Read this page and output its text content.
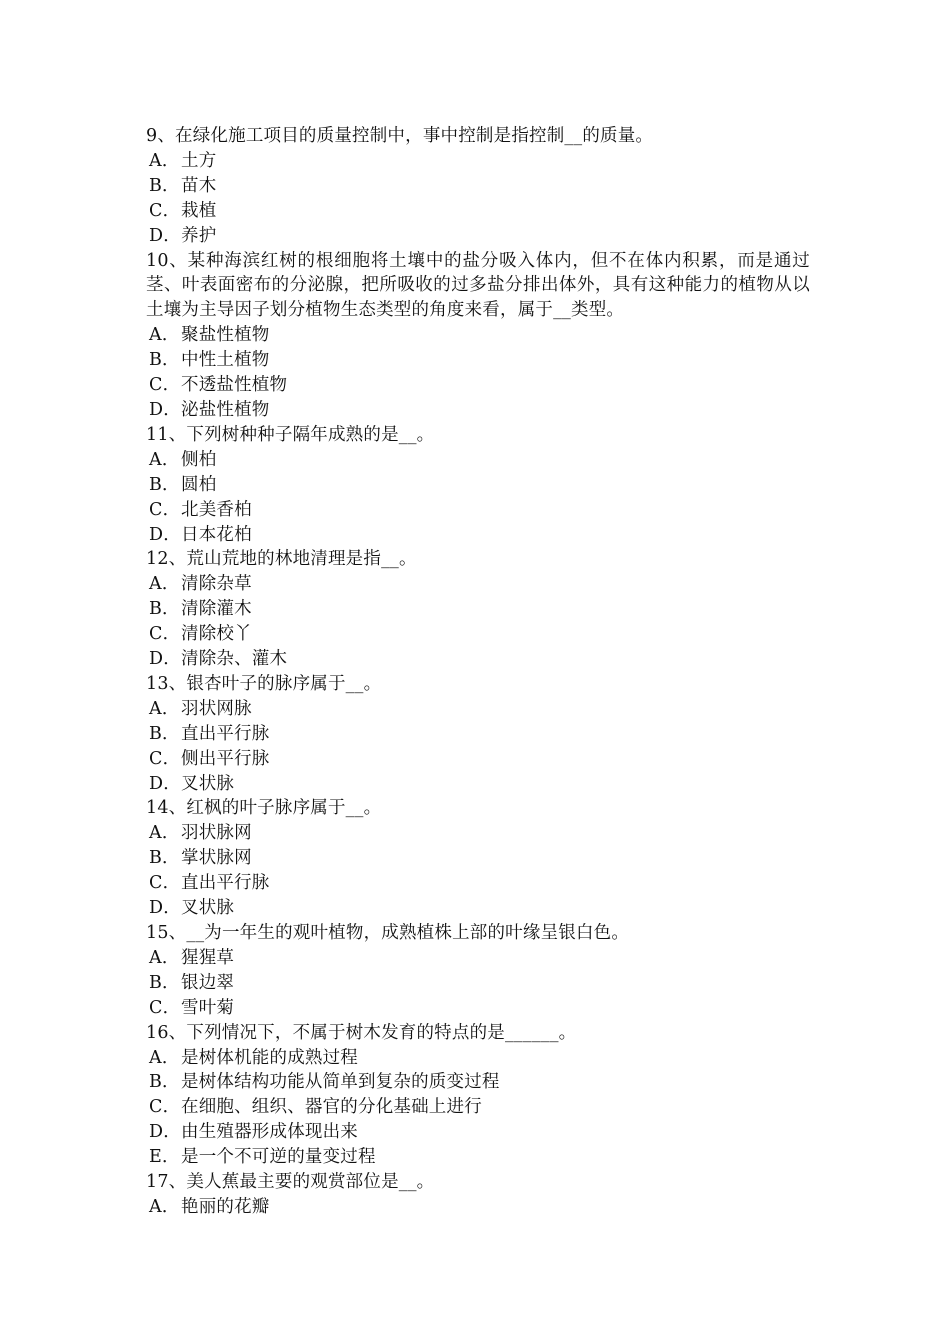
9、在绿化施工项目的质量控制中，事中控制是指控制__的质量。

A．土方

B．苗木

C．栽植

D．养护

10、某种海滨红树的根细胞将土壤中的盐分吸入体内，但不在体内积累，而是通过茎、叶表面密布的分泌腺，把所吸收的过多盐分排出体外，具有这种能力的植物从以土壤为主导因子划分植物生态类型的角度来看，属于__类型。

A．聚盐性植物

B．中性土植物

C．不透盐性植物

D．泌盐性植物

11、下列树种种子隔年成熟的是__。

A．侧柏

B．圆柏

C．北美香柏

D．日本花柏

12、荒山荒地的林地清理是指__。

A．清除杂草

B．清除灌木

C．清除校丫

D．清除杂、灌木

13、银杏叶子的脉序属于__。

A．羽状网脉

B．直出平行脉

C．侧出平行脉

D．叉状脉

14、红枫的叶子脉序属于__。

A．羽状脉网

B．掌状脉网

C．直出平行脉

D．叉状脉

15、__为一年生的观叶植物，成熟植株上部的叶缘呈银白色。

A．猩猩草

B．银边翠

C．雪叶菊

16、下列情况下，不属于树木发育的特点的是______。

A．是树体机能的成熟过程

B．是树体结构功能从简单到复杂的质变过程

C．在细胞、组织、器官的分化基础上进行

D．由生殖器形成体现出来

E．是一个不可逆的量变过程

17、美人蕉最主要的观赏部位是__。

A．艳丽的花瓣
